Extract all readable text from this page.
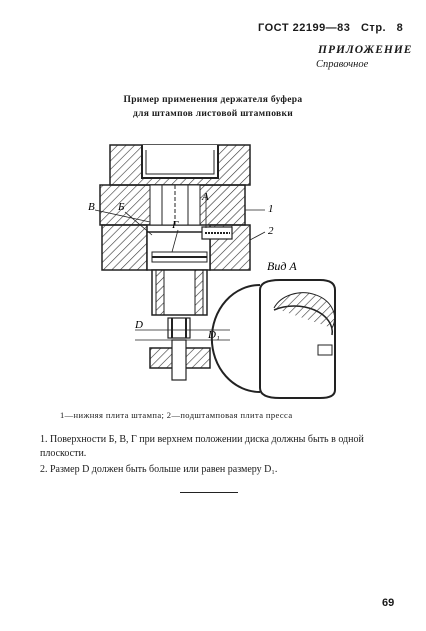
ГОСТ 22199—83 Стр. 8
ПРИЛОЖЕНИЕ
Справочное
Пример применения держателя буфера
для штампов листовой штамповки
В Б
Г
А
1
2
D
D₁
Вид А
1—нижняя плита штампа; 2—подштамповая плита пресса
1. Поверхности Б, В, Г при верхнем положении диска должны быть в одной плоскости.
2. Размер D должен быть больше или равен размеру D₁.
69
